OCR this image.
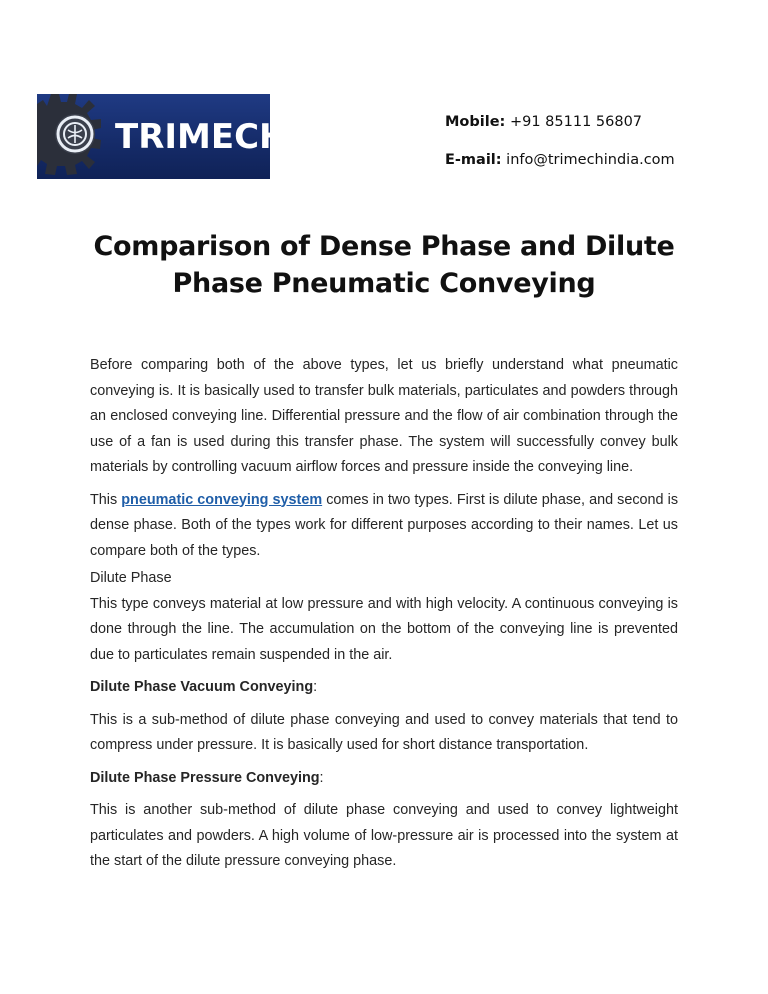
TRIMECH	Mobile: +91 85111 56807
E-mail: info@trimechindia.com
Comparison of Dense Phase and Dilute
Phase Pneumatic Conveying

Before comparing both of the above types, let us briefly understand what pneumatic conveying is. It is basically used to transfer bulk materials, particulates and powders through an enclosed conveying line. Differential pressure and the flow of air combination through the use of a fan is used during this transfer phase. The system will successfully convey bulk materials by controlling vacuum airflow forces and pressure inside the conveying line.

This pneumatic conveying system comes in two types. First is dilute phase, and second is dense phase. Both of the types work for different purposes according to their names. Let us compare both of the types.

Dilute Phase

This type conveys material at low pressure and with high velocity. A continuous conveying is done through the line. The accumulation on the bottom of the conveying line is prevented due to particulates remain suspended in the air.

Dilute Phase Vacuum Conveying:

This is a sub-method of dilute phase conveying and used to convey materials that tend to compress under pressure. It is basically used for short distance transportation.

Dilute Phase Pressure Conveying:

This is another sub-method of dilute phase conveying and used to convey lightweight particulates and powders. A high volume of low-pressure air is processed into the system at the start of the dilute pressure conveying phase.
